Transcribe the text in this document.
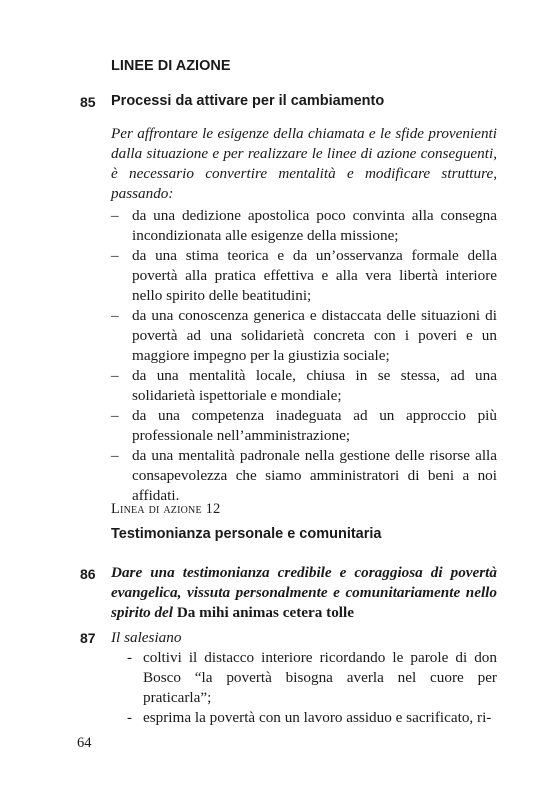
LINEE DI AZIONE
85 Processi da attivare per il cambiamento
Per affrontare le esigenze della chiamata e le sfide provenienti dalla situazione e per realizzare le linee di azione conseguenti, è necessario convertire mentalità e modificare strutture, passando:
– da una dedizione apostolica poco convinta alla consegna incondizionata alle esigenze della missione;
– da una stima teorica e da un’osservanza formale della povertà alla pratica effettiva e alla vera libertà interiore nello spirito delle beatitudini;
– da una conoscenza generica e distaccata delle situazioni di povertà ad una solidarietà concreta con i poveri e un maggiore impegno per la giustizia sociale;
– da una mentalità locale, chiusa in se stessa, ad una solidarietà ispettoriale e mondiale;
– da una competenza inadeguata ad un approccio più professionale nell’amministrazione;
– da una mentalità padronale nella gestione delle risorse alla consapevolezza che siamo amministratori di beni a noi affidati.
Linea di azione 12
Testimonianza personale e comunitaria
86 Dare una testimonianza credibile e coraggiosa di povertà evangelica, vissuta personalmente e comunitariamente nello spirito del Da mihi animas cetera tolle
87 Il salesiano
- coltivi il distacco interiore ricordando le parole di don Bosco “la povertà bisogna averla nel cuore per praticarla”;
- esprima la povertà con un lavoro assiduo e sacrificato, ri-
64
